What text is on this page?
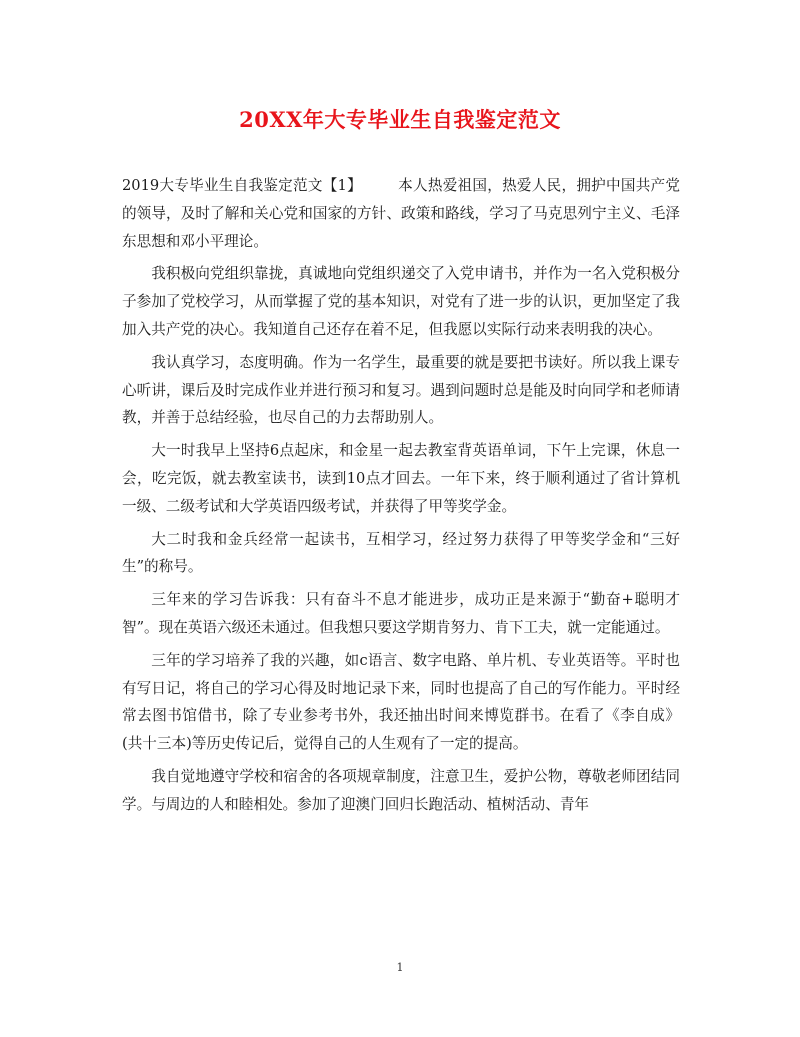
20XX年大专毕业生自我鉴定范文

2019大专毕业生自我鉴定范文【1】 本人热爱祖国，热爱人民，拥护中国共产党的领导，及时了解和关心党和国家的方针、政策和路线，学习了马克思列宁主义、毛泽东思想和邓小平理论。

我积极向党组织靠拢，真诚地向党组织递交了入党申请书，并作为一名入党积极分子参加了党校学习，从而掌握了党的基本知识，对党有了进一步的认识，更加坚定了我加入共产党的决心。我知道自己还存在着不足，但我愿以实际行动来表明我的决心。

我认真学习，态度明确。作为一名学生，最重要的就是要把书读好。所以我上课专心听讲，课后及时完成作业并进行预习和复习。遇到问题时总是能及时向同学和老师请教，并善于总结经验，也尽自己的力去帮助别人。

大一时我早上坚持6点起床，和金星一起去教室背英语单词，下午上完课，休息一会，吃完饭，就去教室读书，读到10点才回去。一年下来，终于顺利通过了省计算机一级、二级考试和大学英语四级考试，并获得了甲等奖学金。

大二时我和金兵经常一起读书，互相学习，经过努力获得了甲等奖学金和“三好生”的称号。

三年来的学习告诉我：只有奋斗不息才能进步，成功正是来源于“勤奋+聪明才智”。现在英语六级还未通过。但我想只要这学期肯努力、肯下工夫，就一定能通过。

三年的学习培养了我的兴趣，如c语言、数字电路、单片机、专业英语等。平时也有写日记，将自己的学习心得及时地记录下来，同时也提高了自己的写作能力。平时经常去图书馆借书，除了专业参考书外，我还抽出时间来博览群书。在看了《李自成》(共十三本)等历史传记后，觉得自己的人生观有了一定的提高。

我自觉地遵守学校和宿舍的各项规章制度，注意卫生，爱护公物，尊敬老师团结同学。与周边的人和睦相处。参加了迎澳门回归长跑活动、植树活动、青年

1
